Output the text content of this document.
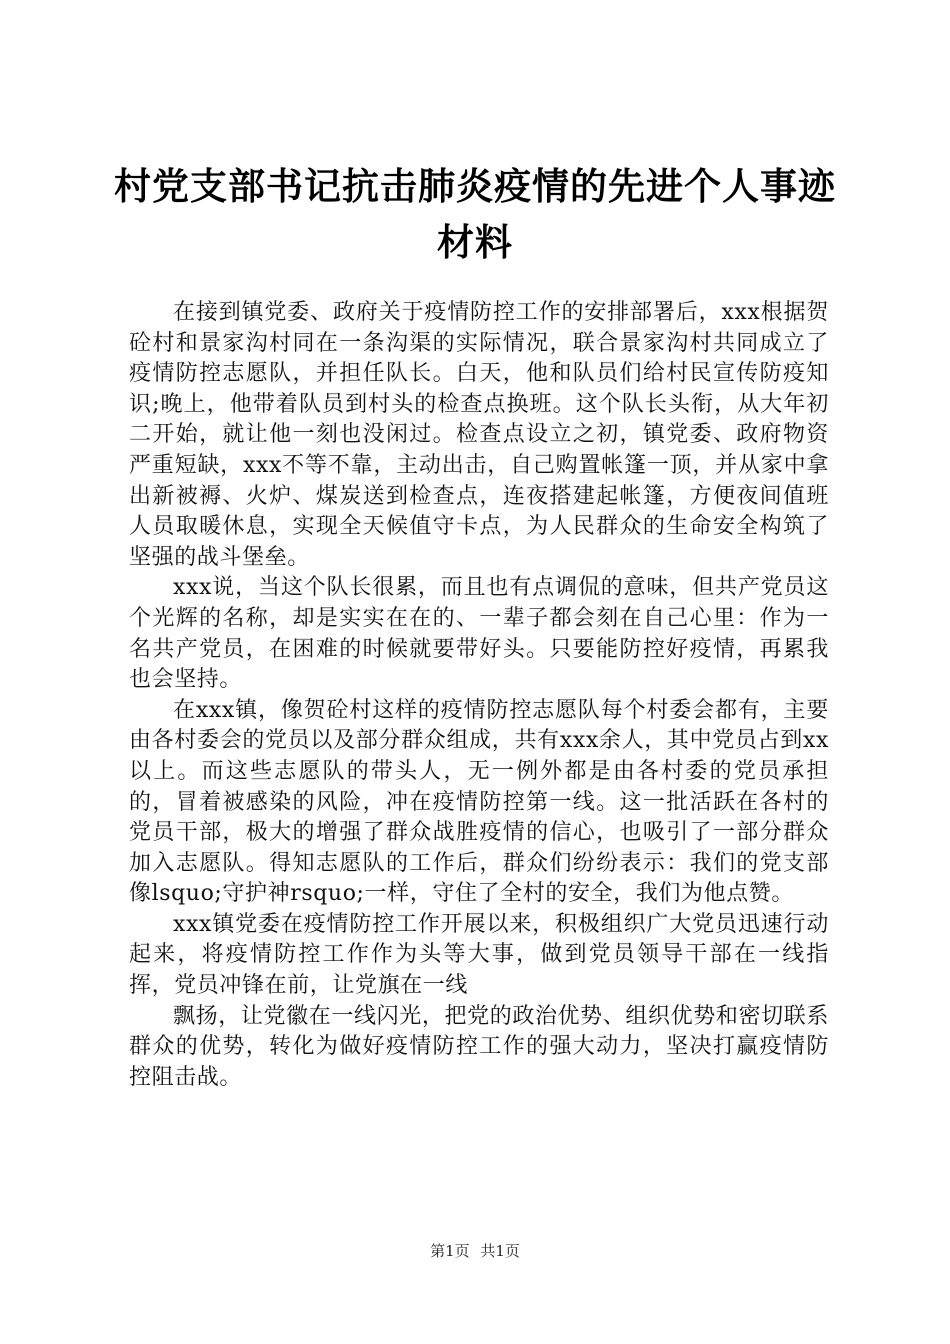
村党支部书记抗击肺炎疫情的先进个人事迹材料

在接到镇党委、政府关于疫情防控工作的安排部署后，xxx根据贺砼村和景家沟村同在一条沟渠的实际情况，联合景家沟村共同成立了疫情防控志愿队，并担任队长。白天，他和队员们给村民宣传防疫知识;晚上，他带着队员到村头的检查点换班。这个队长头衔，从大年初二开始，就让他一刻也没闲过。检查点设立之初，镇党委、政府物资严重短缺，xxx不等不靠，主动出击，自己购置帐篷一顶，并从家中拿出新被褥、火炉、煤炭送到检查点，连夜搭建起帐篷，方便夜间值班人员取暖休息，实现全天候值守卡点，为人民群众的生命安全构筑了坚强的战斗堡垒。

xxx说，当这个队长很累，而且也有点调侃的意味，但共产党员这个光辉的名称，却是实实在在的、一辈子都会刻在自己心里：作为一名共产党员，在困难的时候就要带好头。只要能防控好疫情，再累我也会坚持。

在xxx镇，像贺砼村这样的疫情防控志愿队每个村委会都有，主要由各村委会的党员以及部分群众组成，共有xxx余人，其中党员占到xx以上。而这些志愿队的带头人，无一例外都是由各村委的党员承担的，冒着被感染的风险，冲在疫情防控第一线。这一批活跃在各村的党员干部，极大的增强了群众战胜疫情的信心，也吸引了一部分群众加入志愿队。得知志愿队的工作后，群众们纷纷表示：我们的党支部像lsquo;守护神rsquo;一样，守住了全村的安全，我们为他点赞。

xxx镇党委在疫情防控工作开展以来，积极组织广大党员迅速行动起来，将疫情防控工作作为头等大事，做到党员领导干部在一线指挥，党员冲锋在前，让党旗在一线

飘扬，让党徽在一线闪光，把党的政治优势、组织优势和密切联系群众的优势，转化为做好疫情防控工作的强大动力，坚决打赢疫情防控阻击战。

第1页 共1页
